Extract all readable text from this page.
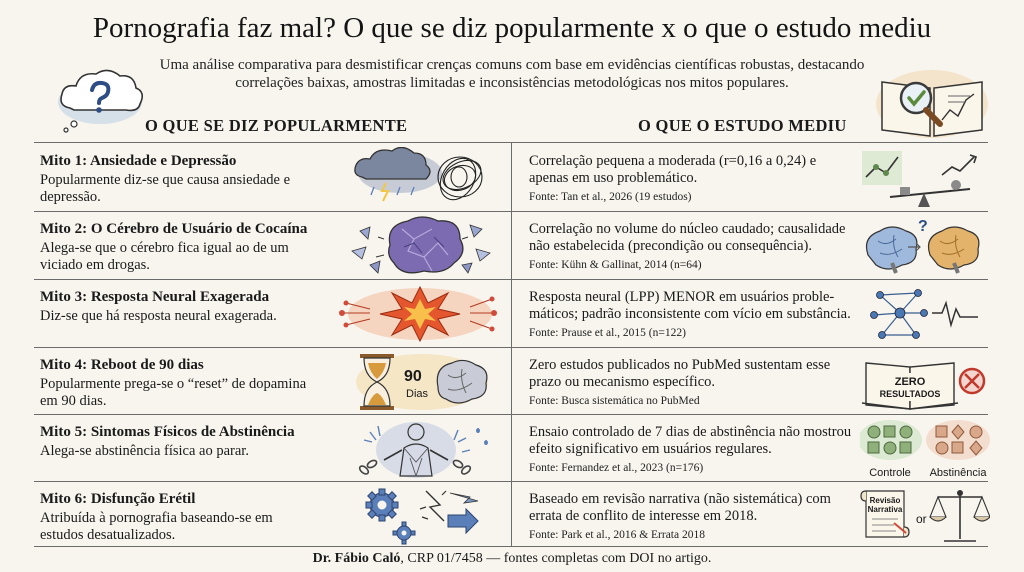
Pornografia faz mal? O que se diz popularmente x o que o estudo mediu
Uma análise comparativa para desmistificar crenças comuns com base em evidências científicas robustas, destacando correlações baixas, amostras limitadas e inconsistências metodológicas nos mitos populares.
O QUE SE DIZ POPULARMENTE	O QUE O ESTUDO MEDIU
Mito 1: Ansiedade e Depressão
Popularmente diz-se que causa ansiedade e depressão.
Correlação pequena a moderada (r=0,16 a 0,24) e apenas em uso problemático.
Fonte: Tan et al., 2026 (19 estudos)
Mito 2: O Cérebro de Usuário de Cocaína
Alega-se que o cérebro fica igual ao de um viciado em drogas.
Correlação no volume do núcleo caudado; causalidade não estabelecida (precondição ou consequência).
Fonte: Kühn & Gallinat, 2014 (n=64)
?
Mito 3: Resposta Neural Exagerada
Diz-se que há resposta neural exagerada.
Resposta neural (LPP) MENOR em usuários proble-
máticos; padrão inconsistente com vício em substância.
Fonte: Prause et al., 2015 (n=122)
Mito 4: Reboot de 90 dias
Popularmente prega-se o “reset” de dopamina em 90 dias.
90
Dias
Zero estudos publicados no PubMed sustentam esse prazo ou mecanismo específico.
Fonte: Busca sistemática no PubMed
ZERO
RESULTADOS
Mito 5: Sintomas Físicos de Abstinência
Alega-se abstinência física ao parar.
Ensaio controlado de 7 dias de abstinência não mostrou efeito significativo em usuários regulares.
Fonte: Fernandez et al., 2023 (n=176)	Controle Abstinência
Mito 6: Disfunção Erétil
Atribuída à pornografia baseando-se em estudos desatualizados.
Baseado em revisão narrativa (não sistemática) com errata de conflito de interesse em 2018.
Fonte: Park et al., 2016 & Errata 2018
Revisão
Narrativa
or
Dr. Fábio Caló, CRP 01/7458 — fontes completas com DOI no artigo.
